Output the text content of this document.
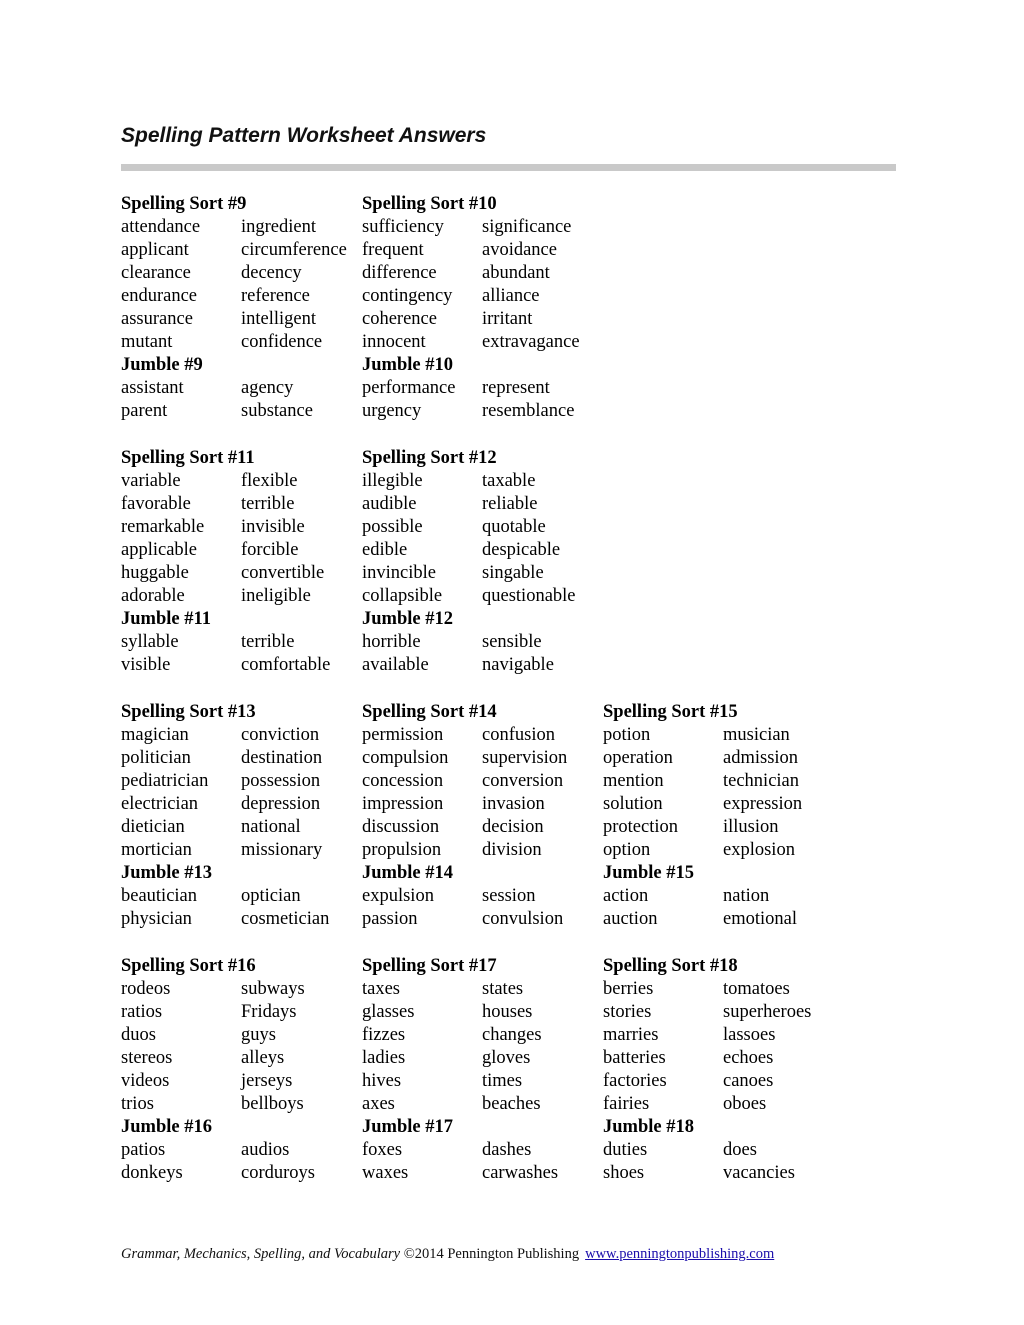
Spelling Pattern Worksheet Answers
Spelling Sort #9
attendance	ingredient
applicant	circumference
clearance	decency
endurance	reference
assurance	intelligent
mutant	confidence
Jumble #9
assistant	agency
parent	substance
Spelling Sort #10
sufficiency	significance
frequent	avoidance
difference	abundant
contingency	alliance
coherence	irritant
innocent	extravagance
Jumble #10
performance	represent
urgency	resemblance
Spelling Sort #11
variable	flexible
favorable	terrible
remarkable	invisible
applicable	forcible
huggable	convertible
adorable	ineligible
Jumble #11
syllable	terrible
visible	comfortable
Spelling Sort #12
illegible	taxable
audible	reliable
possible	quotable
edible	despicable
invincible	singable
collapsible	questionable
Jumble #12
horrible	sensible
available	navigable
Spelling Sort #13
magician	conviction
politician	destination
pediatrician	possession
electrician	depression
dietician	national
mortician	missionary
Jumble #13
beautician	optician
physician	cosmetician
Spelling Sort #14
permission	confusion
compulsion	supervision
concession	conversion
impression	invasion
discussion	decision
propulsion	division
Jumble #14
expulsion	session
passion	convulsion
Spelling Sort #15
potion	musician
operation	admission
mention	technician
solution	expression
protection	illusion
option	explosion
Jumble #15
action	nation
auction	emotional
Spelling Sort #16
rodeos	subways
ratios	Fridays
duos	guys
stereos	alleys
videos	jerseys
trios	bellboys
Jumble #16
patios	audios
donkeys	corduroys
Spelling Sort #17
taxes	states
glasses	houses
fizzes	changes
ladies	gloves
hives	times
axes	beaches
Jumble #17
foxes	dashes
waxes	carwashes
Spelling Sort #18
berries	tomatoes
stories	superheroes
marries	lassoes
batteries	echoes
factories	canoes
fairies	oboes
Jumble #18
duties	does
shoes	vacancies
Grammar, Mechanics, Spelling, and Vocabulary ©2014 Pennington Publishing www.penningtonpublishing.com
